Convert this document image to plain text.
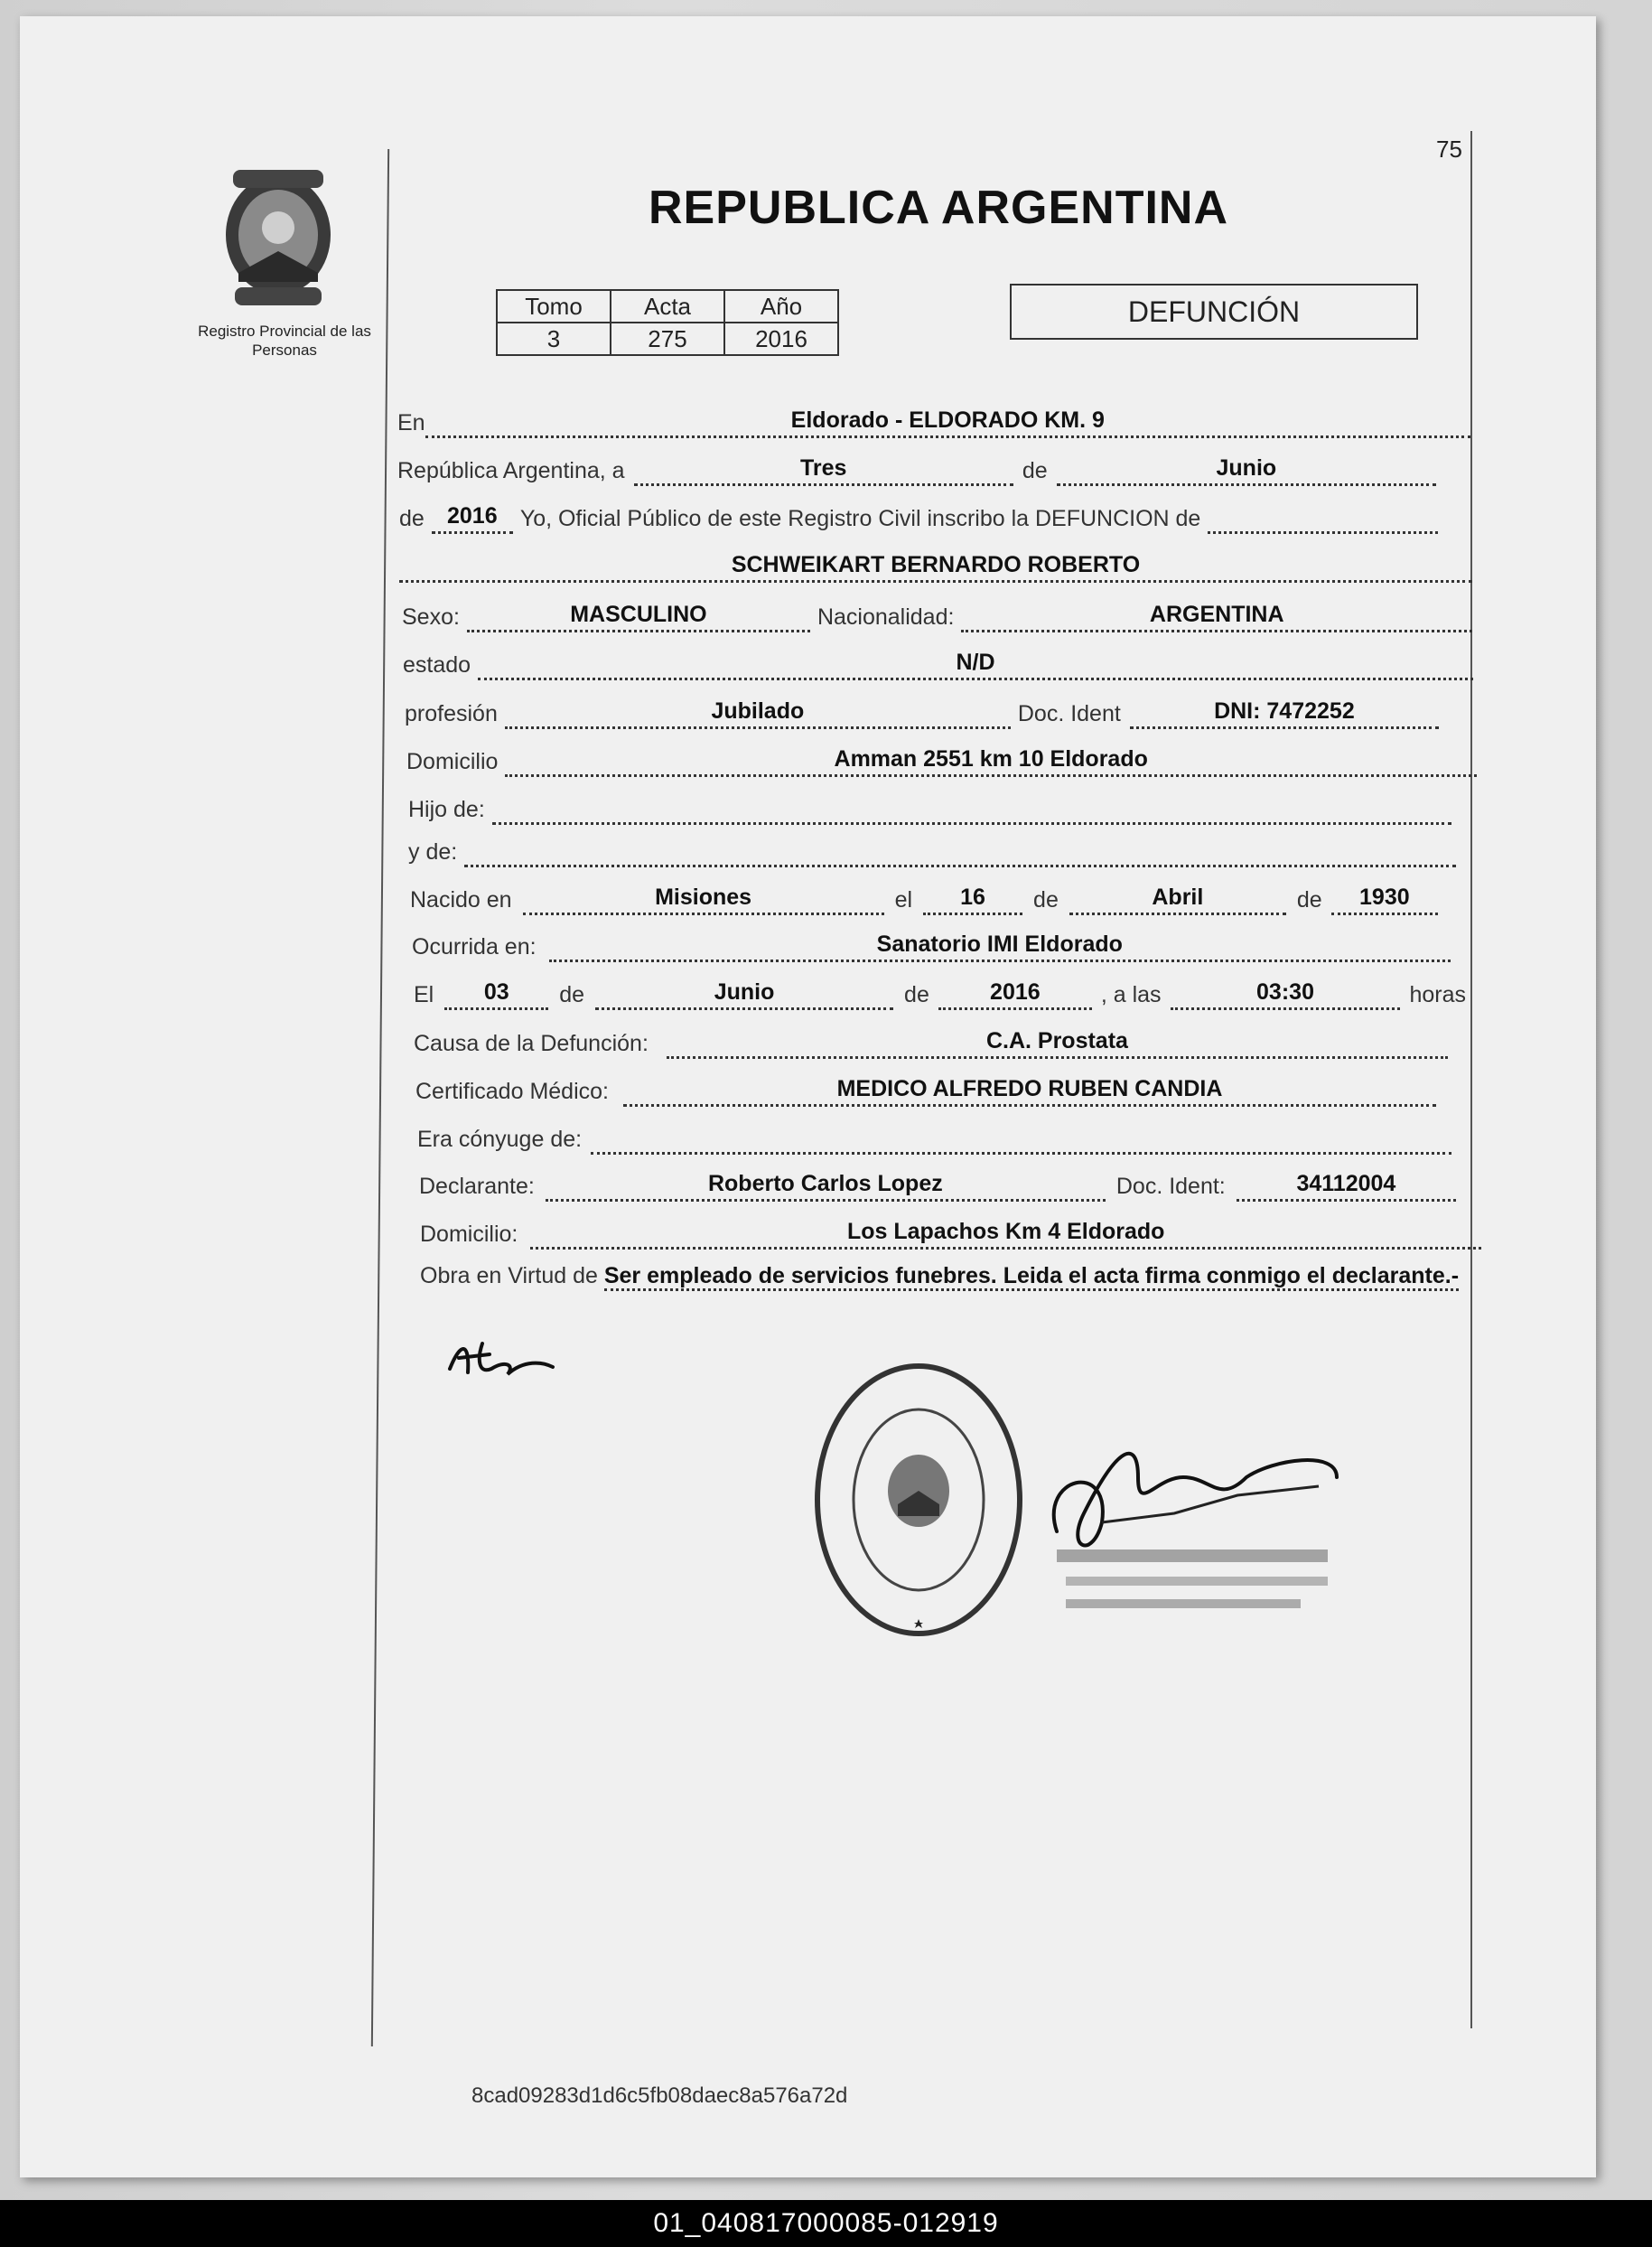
75
Registro Provincial de las Personas
REPUBLICA ARGENTINA
Tomo	Acta	Año
3	275	2016
DEFUNCIÓN
En	Eldorado - ELDORADO KM. 9
República Argentina, a	Tres	de	Junio
de	2016	Yo, Oficial Público de este Registro Civil inscribo la DEFUNCION de
SCHWEIKART BERNARDO ROBERTO
Sexo:	MASCULINO	Nacionalidad:	ARGENTINA
estado	N/D
profesión	Jubilado	Doc. Ident	DNI: 7472252
Domicilio	Amman 2551 km 10 Eldorado
Hijo de:
y de:
Nacido en	Misiones	el	16	de	Abril	de	1930
Ocurrida en:	Sanatorio IMI Eldorado
El	03	de	Junio	de	2016	, a las	03:30	horas
Causa de la Defunción:	C.A. Prostata
Certificado Médico:	MEDICO ALFREDO RUBEN CANDIA
Era cónyuge de:
Declarante:	Roberto Carlos Lopez	Doc. Ident:	34112004
Domicilio:	Los Lapachos Km 4 Eldorado
Obra en Virtud de Ser empleado de servicios funebres. Leida el acta firma conmigo el declarante.-
8cad09283d1d6c5fb08daec8a576a72d
01_040817000085-012919
